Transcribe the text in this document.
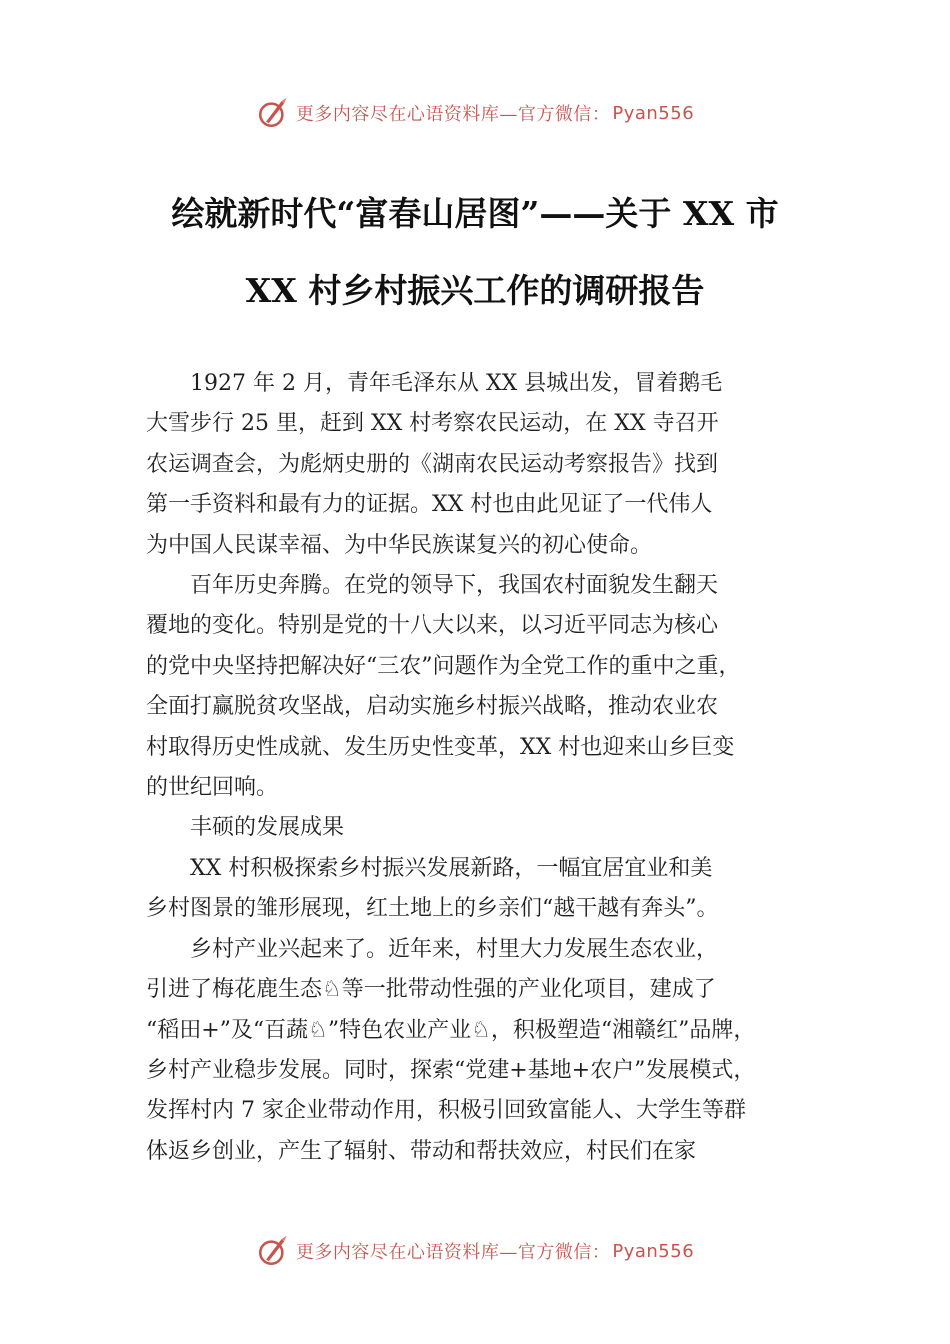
更多内容尽在心语资料库—官方微信： Pyan556
绘就新时代“富春山居图”——关于 XX 市
XX 村乡村振兴工作的调研报告

1927 年 2 月，青年毛泽东从 XX 县城出发，冒着鹅毛
大雪步行 25 里，赶到 XX 村考察农民运动，在 XX 寺召开
农运调查会，为彪炳史册的《湖南农民运动考察报告》找到
第一手资料和最有力的证据。XX 村也由此见证了一代伟人
为中国人民谋幸福、为中华民族谋复兴的初心使命。

百年历史奔腾。在党的领导下，我国农村面貌发生翻天
覆地的变化。特别是党的十八大以来，以习近平同志为核心
的党中央坚持把解决好“三农”问题作为全党工作的重中之重，
全面打赢脱贫攻坚战，启动实施乡村振兴战略，推动农业农
村取得历史性成就、发生历史性变革，XX 村也迎来山乡巨变
的世纪回响。

丰硕的发展成果

XX 村积极探索乡村振兴发展新路，一幅宜居宜业和美
乡村图景的雏形展现，红土地上的乡亲们“越干越有奔头”。

乡村产业兴起来了。近年来，村里大力发展生态农业，
引进了梅花鹿生态♘等一批带动性强的产业化项目，建成了
“稻田+”及“百蔬♘”特色农业产业♘，积极塑造“湘赣红”品牌，
乡村产业稳步发展。同时，探索“党建+基地+农户”发展模式，
发挥村内 7 家企业带动作用，积极引回致富能人、大学生等群
体返乡创业，产生了辐射、带动和帮扶效应，村民们在家

更多内容尽在心语资料库—官方微信： Pyan556
